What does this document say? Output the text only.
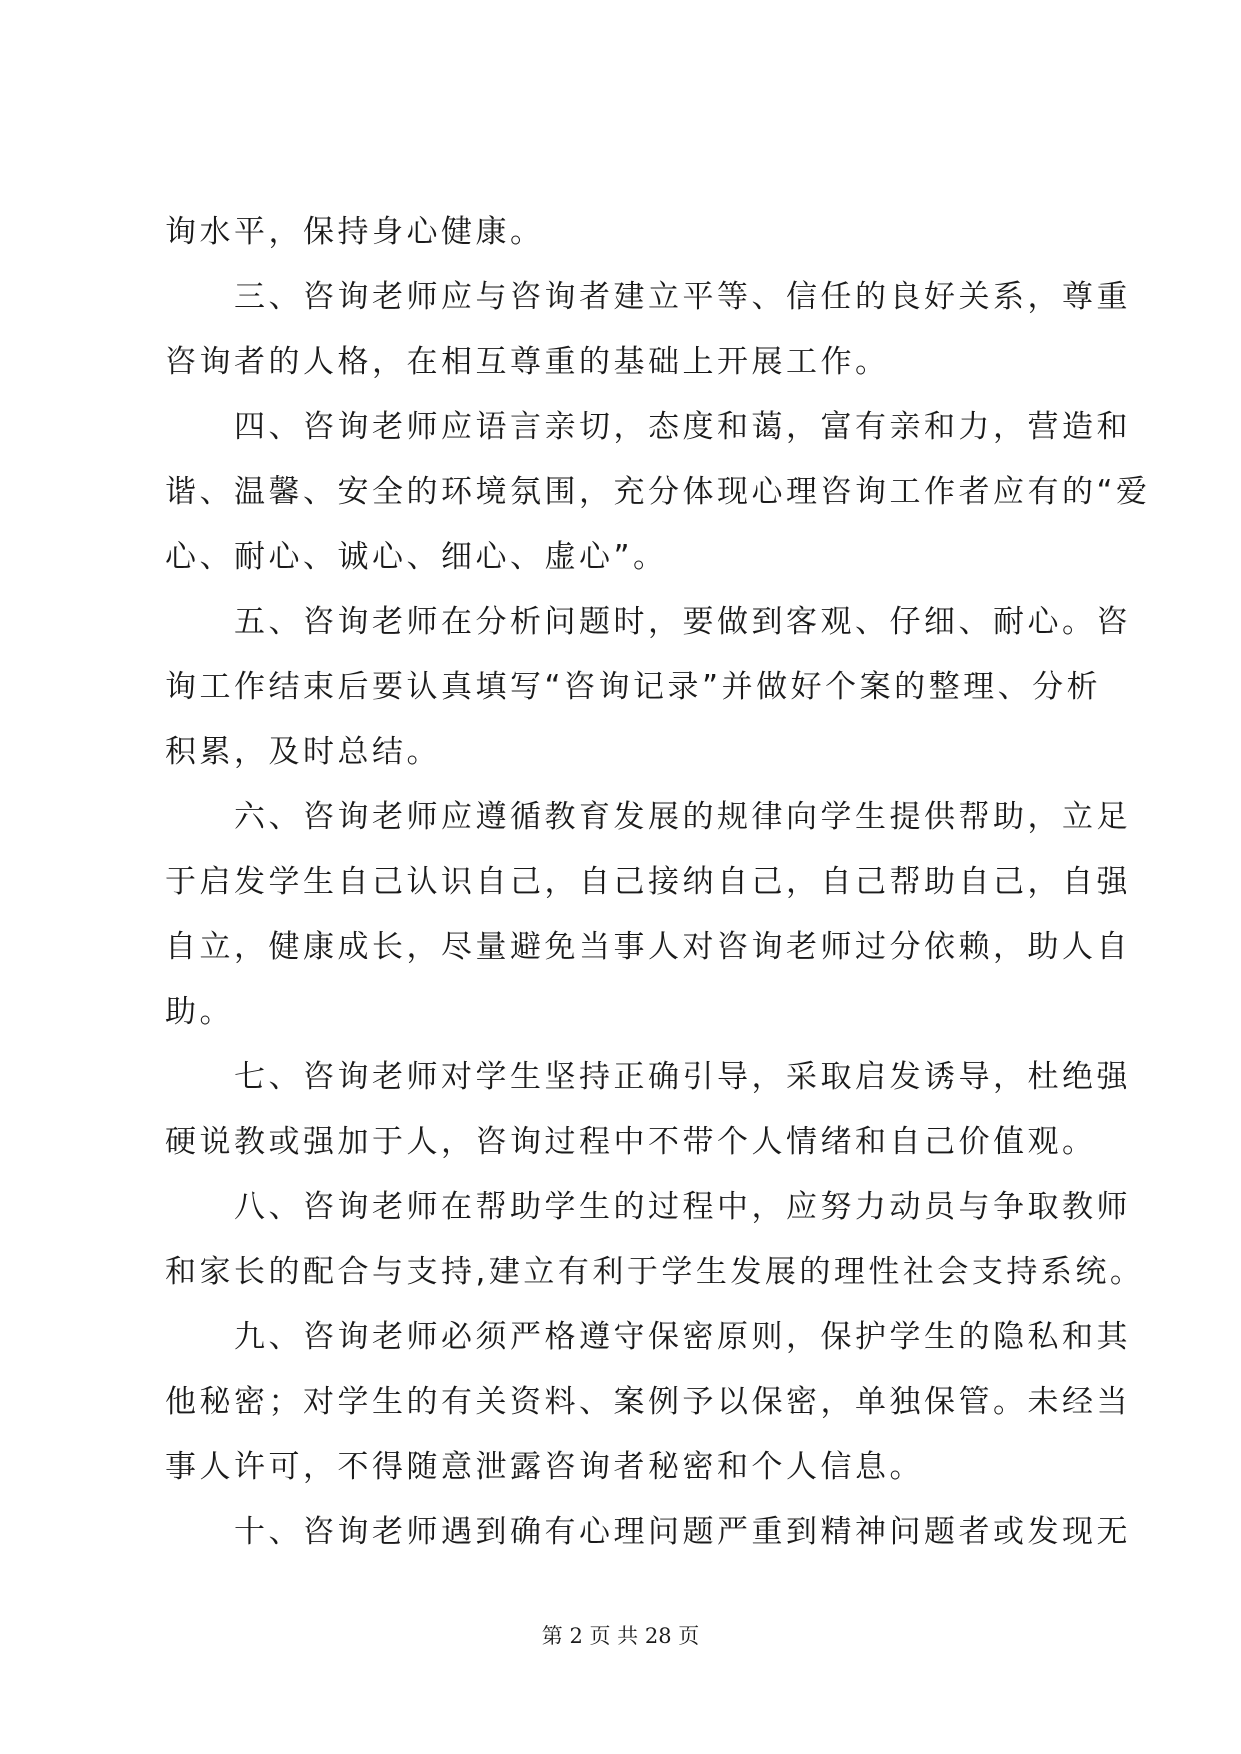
询水平，保持身心健康。
　　三、咨询老师应与咨询者建立平等、信任的良好关系，尊重
咨询者的人格，在相互尊重的基础上开展工作。
　　四、咨询老师应语言亲切，态度和蔼，富有亲和力，营造和
谐、温馨、安全的环境氛围，充分体现心理咨询工作者应有的“爱
心、耐心、诚心、细心、虚心”。
　　五、咨询老师在分析问题时，要做到客观、仔细、耐心。咨
询工作结束后要认真填写“咨询记录”并做好个案的整理、分析
积累，及时总结。
　　六、咨询老师应遵循教育发展的规律向学生提供帮助，立足
于启发学生自己认识自己，自己接纳自己，自己帮助自己，自强
自立，健康成长，尽量避免当事人对咨询老师过分依赖，助人自
助。
　　七、咨询老师对学生坚持正确引导，采取启发诱导，杜绝强
硬说教或强加于人，咨询过程中不带个人情绪和自己价值观。
　　八、咨询老师在帮助学生的过程中，应努力动员与争取教师
和家长的配合与支持,建立有利于学生发展的理性社会支持系统。
　　九、咨询老师必须严格遵守保密原则，保护学生的隐私和其
他秘密；对学生的有关资料、案例予以保密，单独保管。未经当
事人许可，不得随意泄露咨询者秘密和个人信息。
　　十、咨询老师遇到确有心理问题严重到精神问题者或发现无
第 2 页 共 28 页
